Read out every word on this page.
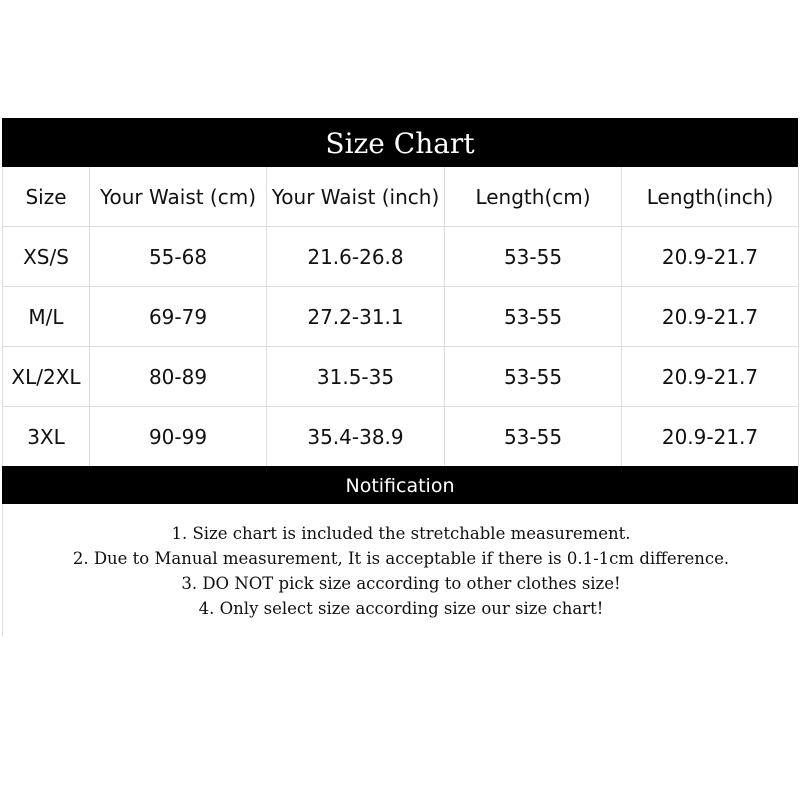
Size Chart
Size	Your Waist (cm)	Your Waist (inch)	Length(cm)	Length(inch)
XS/S	55-68	21.6-26.8	53-55	20.9-21.7
M/L	69-79	27.2-31.1	53-55	20.9-21.7
XL/2XL	80-89	31.5-35	53-55	20.9-21.7
3XL	90-99	35.4-38.9	53-55	20.9-21.7
Notification
1. Size chart is included the stretchable measurement.
2. Due to Manual measurement, It is acceptable if there is 0.1-1cm difference.
3. DO NOT pick size according to other clothes size!
4. Only select size according size our size chart!
